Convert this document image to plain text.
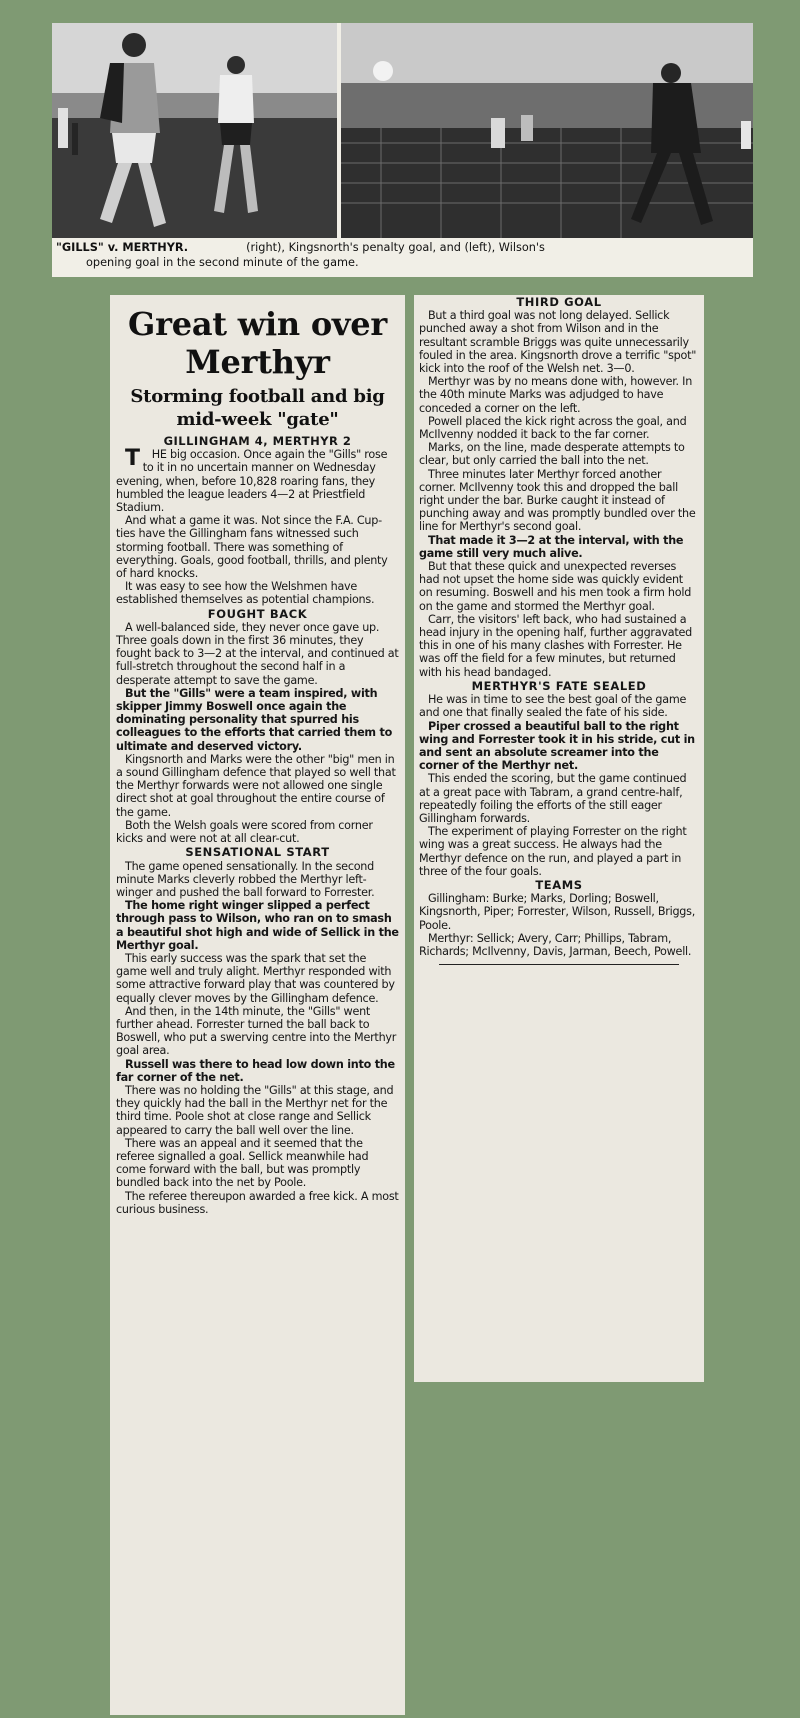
"GILLS" v. MERTHYR.	(right), Kingsnorth's penalty goal, and (left), Wilson's
opening goal in the second minute of the game.
Great win over Merthyr
Storming football and big mid-week "gate"
GILLINGHAM 4, MERTHYR 2

THE big occasion. Once again the "Gills" rose to it in no uncertain manner on Wednesday evening, when, before 10,828 roaring fans, they humbled the league leaders 4—2 at Priestfield Stadium.

And what a game it was. Not since the F.A. Cup-ties have the Gillingham fans witnessed such storming football. There was something of everything. Goals, good football, thrills, and plenty of hard knocks.

It was easy to see how the Welshmen have established themselves as potential champions.

FOUGHT BACK

A well-balanced side, they never once gave up. Three goals down in the first 36 minutes, they fought back to 3—2 at the interval, and continued at full-stretch throughout the second half in a desperate attempt to save the game.

But the "Gills" were a team inspired, with skipper Jimmy Boswell once again the dominating personality that spurred his colleagues to the efforts that carried them to ultimate and deserved victory.

Kingsnorth and Marks were the other "big" men in a sound Gillingham defence that played so well that the Merthyr forwards were not allowed one single direct shot at goal throughout the entire course of the game.

Both the Welsh goals were scored from corner kicks and were not at all clear-cut.

SENSATIONAL START

The game opened sensationally. In the second minute Marks cleverly robbed the Merthyr left-winger and pushed the ball forward to Forrester.

The home right winger slipped a perfect through pass to Wilson, who ran on to smash a beautiful shot high and wide of Sellick in the Merthyr goal.

This early success was the spark that set the game well and truly alight. Merthyr responded with some attractive forward play that was countered by equally clever moves by the Gillingham defence.

And then, in the 14th minute, the "Gills" went further ahead. Forrester turned the ball back to Boswell, who put a swerving centre into the Merthyr goal area.

Russell was there to head low down into the far corner of the net.

There was no holding the "Gills" at this stage, and they quickly had the ball in the Merthyr net for the third time. Poole shot at close range and Sellick appeared to carry the ball well over the line.

There was an appeal and it seemed that the referee signalled a goal. Sellick meanwhile had come forward with the ball, but was promptly bundled back into the net by Poole.

The referee thereupon awarded a free kick. A most curious business.

THIRD GOAL

But a third goal was not long delayed. Sellick punched away a shot from Wilson and in the resultant scramble Briggs was quite unnecessarily fouled in the area. Kingsnorth drove a terrific "spot" kick into the roof of the Welsh net. 3—0.

Merthyr was by no means done with, however. In the 40th minute Marks was adjudged to have conceded a corner on the left.

Powell placed the kick right across the goal, and McIlvenny nodded it back to the far corner.

Marks, on the line, made desperate attempts to clear, but only carried the ball into the net.

Three minutes later Merthyr forced another corner. McIlvenny took this and dropped the ball right under the bar. Burke caught it instead of punching away and was promptly bundled over the line for Merthyr's second goal.

That made it 3—2 at the interval, with the game still very much alive.

But that these quick and unexpected reverses had not upset the home side was quickly evident on resuming. Boswell and his men took a firm hold on the game and stormed the Merthyr goal.

Carr, the visitors' left back, who had sustained a head injury in the opening half, further aggravated this in one of his many clashes with Forrester. He was off the field for a few minutes, but returned with his head bandaged.

MERTHYR'S FATE SEALED

He was in time to see the best goal of the game and one that finally sealed the fate of his side.

Piper crossed a beautiful ball to the right wing and Forrester took it in his stride, cut in and sent an absolute screamer into the corner of the Merthyr net.

This ended the scoring, but the game continued at a great pace with Tabram, a grand centre-half, repeatedly foiling the efforts of the still eager Gillingham forwards.

The experiment of playing Forrester on the right wing was a great success. He always had the Merthyr defence on the run, and played a part in three of the four goals.

TEAMS

Gillingham: Burke; Marks, Dorling; Boswell, Kingsnorth, Piper; Forrester, Wilson, Russell, Briggs, Poole.

Merthyr: Sellick; Avery, Carr; Phillips, Tabram, Richards; McIlvenny, Davis, Jarman, Beech, Powell.
